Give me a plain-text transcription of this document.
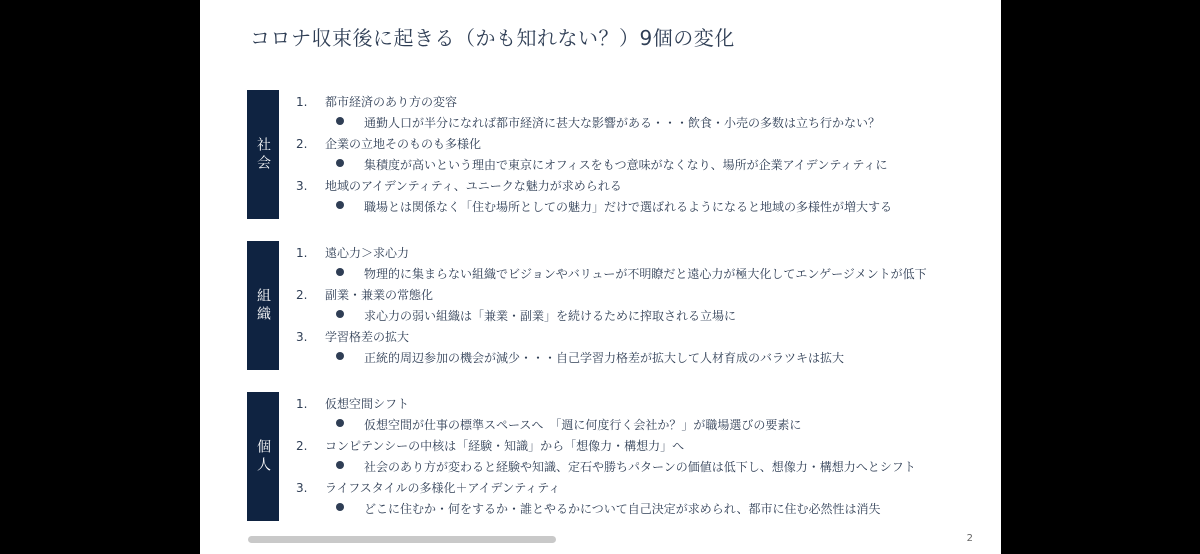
コロナ収束後に起きる（かも知れない？）9個の変化
社会
1. 都市経済のあり方の変容
通勤人口が半分になれば都市経済に甚大な影響がある・・・飲食・小売の多数は立ち行かない？
2. 企業の立地そのものも多様化
集積度が高いという理由で東京にオフィスをもつ意味がなくなり、場所が企業アイデンティティに
3. 地域のアイデンティティ、ユニークな魅力が求められる
職場とは関係なく「住む場所としての魅力」だけで選ばれるようになると地域の多様性が増大する
組織
1. 遠心力＞求心力
物理的に集まらない組織でビジョンやバリューが不明瞭だと遠心力が極大化してエンゲージメントが低下
2. 副業・兼業の常態化
求心力の弱い組織は「兼業・副業」を続けるために搾取される立場に
3. 学習格差の拡大
正統的周辺参加の機会が減少・・・自己学習力格差が拡大して人材育成のバラツキは拡大
個人
1. 仮想空間シフト
仮想空間が仕事の標準スペースへ　「週に何度行く会社か？」が職場選びの要素に
2. コンピテンシーの中核は「経験・知識」から「想像力・構想力」へ
社会のあり方が変わると経験や知識、定石や勝ちパターンの価値は低下し、想像力・構想力へとシフト
3. ライフスタイルの多様化＋アイデンティティ
どこに住むか・何をするか・誰とやるかについて自己決定が求められ、都市に住む必然性は消失
2
